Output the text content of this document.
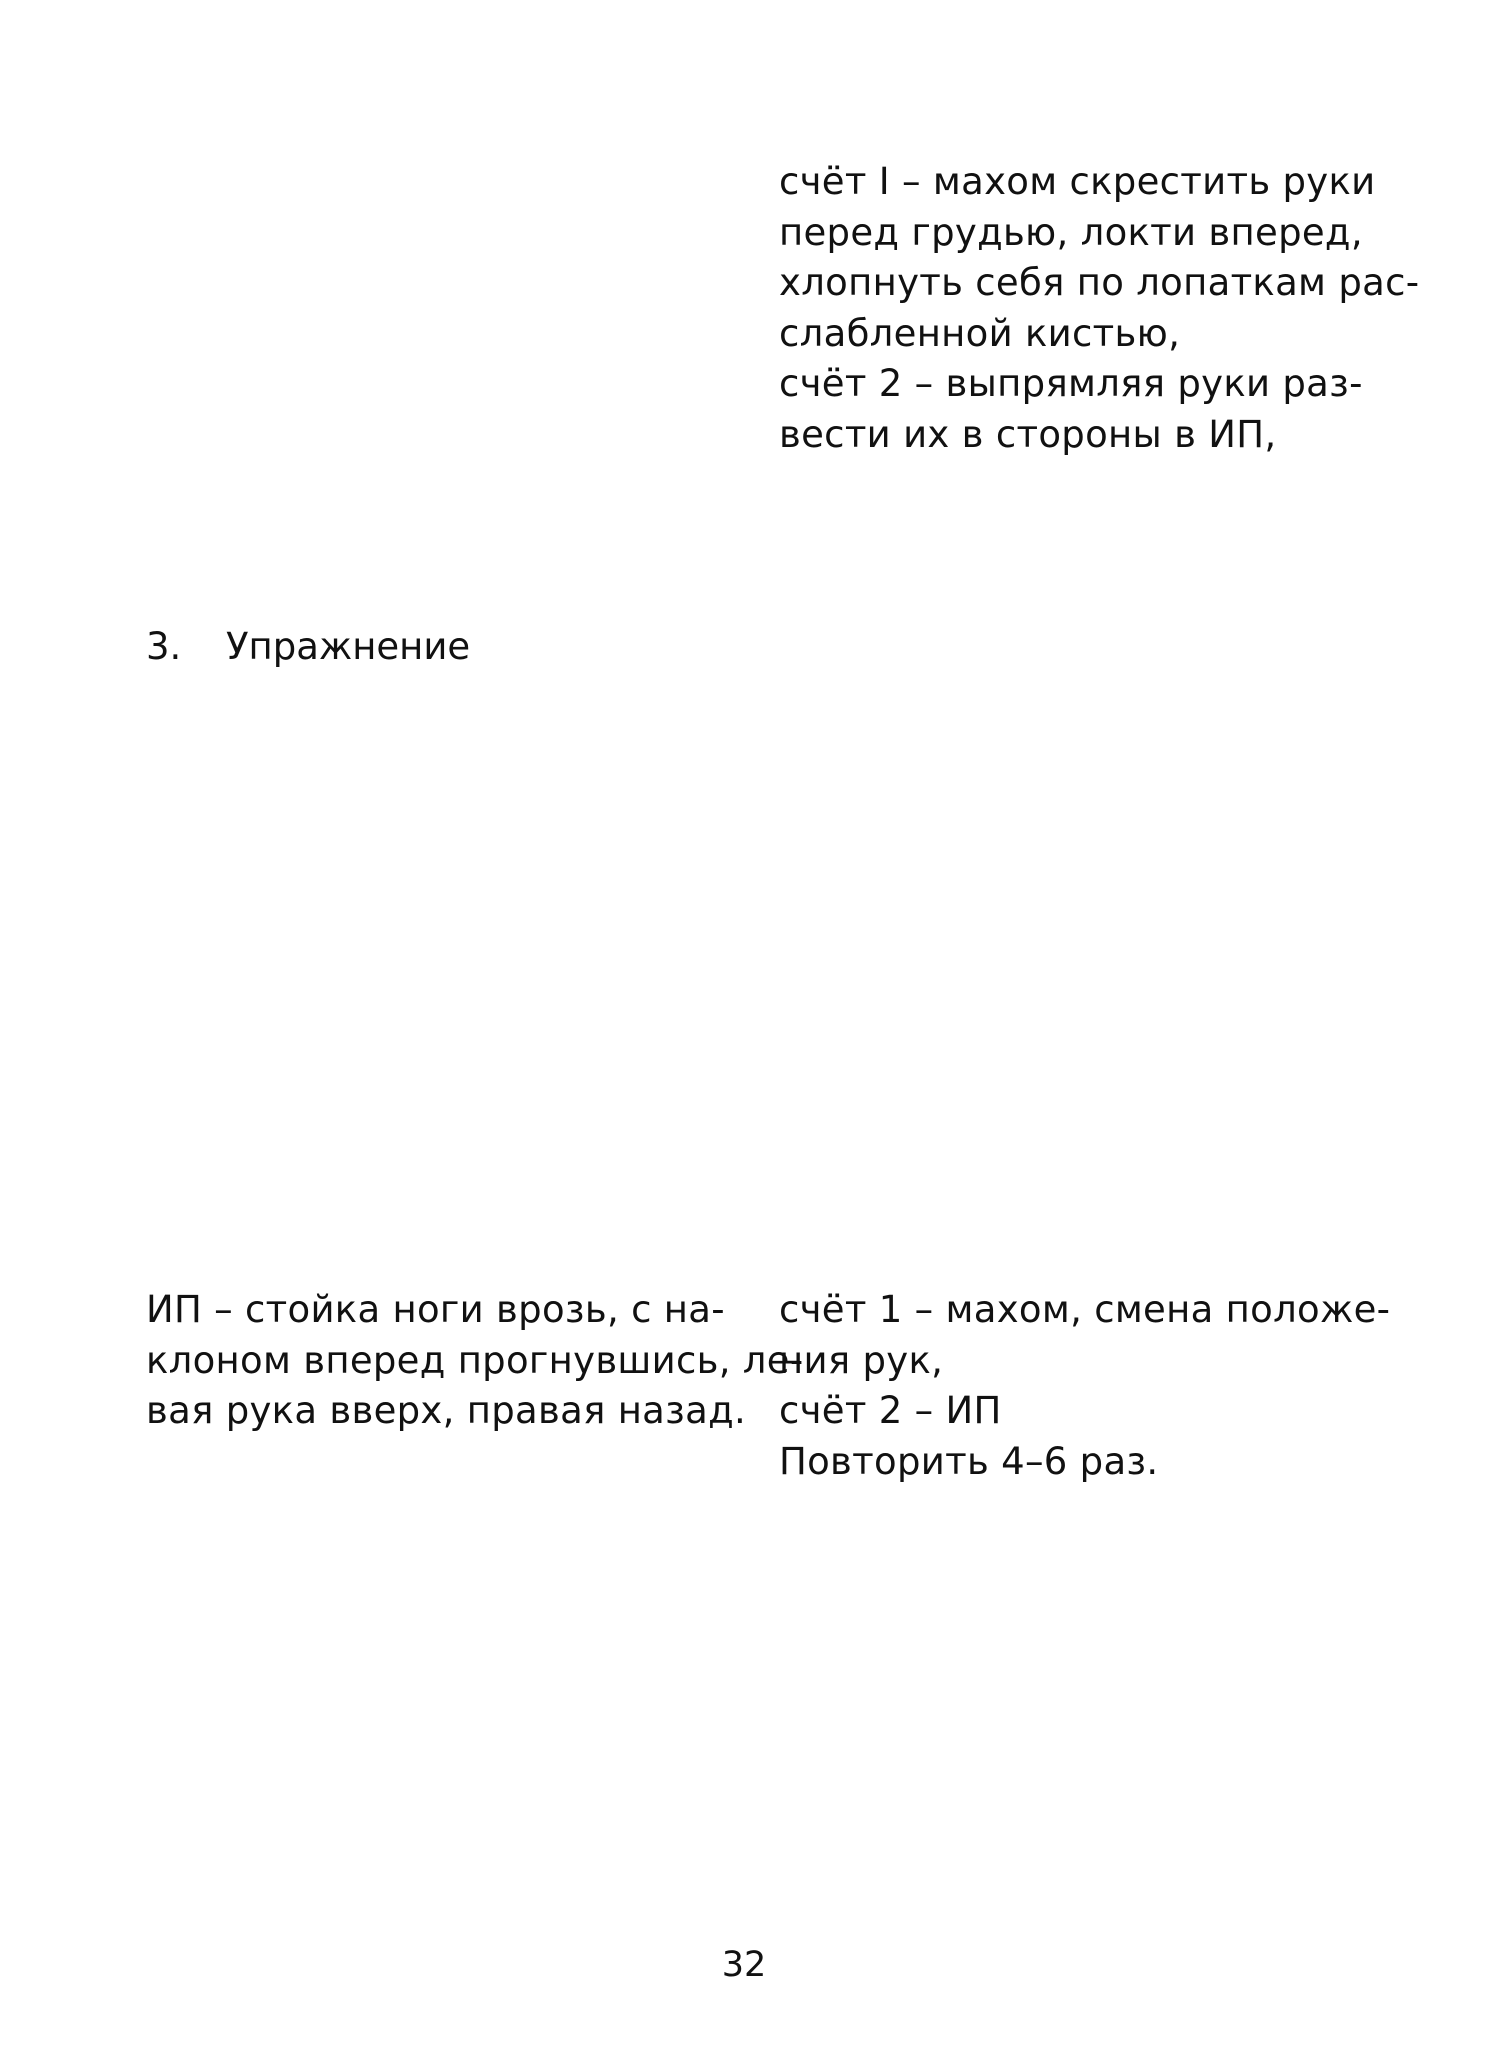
счёт I – махом скрестить руки
перед грудью, локти вперед,
хлопнуть себя по лопаткам рас-
слабленной кистью,
счёт 2 – выпрямляя руки раз-
вести их в стороны в ИП,
3. Упражнение
ИП – стойка ноги врозь, с на-
клоном вперед прогнувшись, ле-
вая рука вверх, правая назад.
счёт 1 – махом, смена положе-
ния рук,
счёт 2 – ИП
Повторить 4–6 раз.
32
